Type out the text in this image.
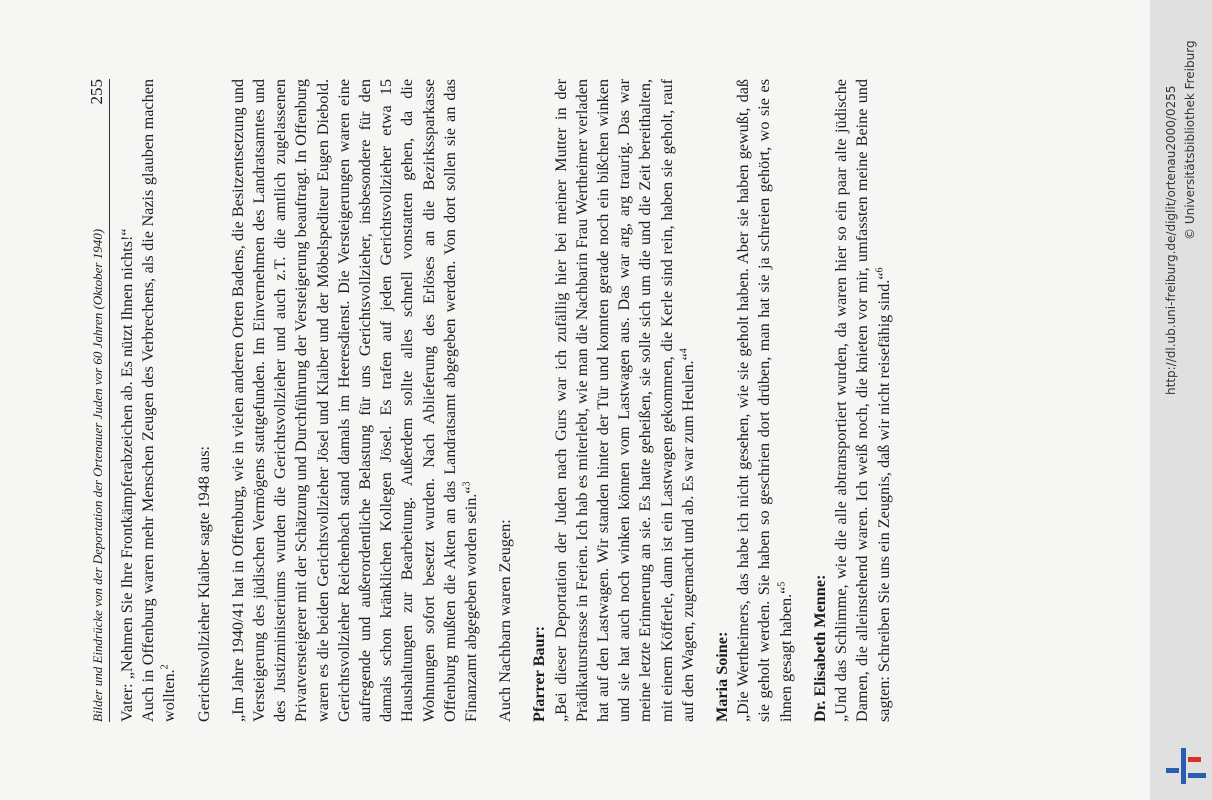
Bilder und Eindrücke von der Deportation der Ortenauer Juden vor 60 Jahren (Oktober 1940)
255

Vater: „Nehmen Sie Ihre Frontkämpferabzeichen ab. Es nützt Ihnen nichts!“ Auch in Offenburg waren mehr Menschen Zeugen des Verbrechens, als die Nazis glauben machen wollten.$^2$	Gerichtsvollzieher Klaiber sagte 1948 aus: „Im Jahre 1940/41 hat in Offenburg, wie in vielen anderen Orten Badens, die Besitzentsetzung und Versteigerung des jüdischen Vermögens stattgefunden. Im Einvernehmen des Landratsamtes und des Justizministeriums wurden die Gerichtsvollzieher und auch z.T. die amtlich zugelassenen Privatversteigerer mit der Schätzung und Durchführung der Versteigerung beauftragt. In Offenburg waren es die beiden Gerichtsvollzieher Jösel und Klaiber und der Möbelspediteur Eugen Diebold. Gerichtsvollzieher Reichenbach stand damals im Heeresdienst. Die Versteigerungen waren eine aufregende und außerordentliche Belastung für uns Gerichtsvollzieher, insbesondere für den damals schon kränklichen Kollegen Jösel. Es trafen auf jeden Gerichtsvollzieher etwa 15 Haushaltungen zur Bearbeitung. Außerdem sollte alles schnell vonstatten gehen, da die Wohnungen sofort besetzt wurden. Nach Ablieferung des Erlöses an die Bezirkssparkasse Offenburg mußten die Akten an das Landratsamt abgegeben werden. Von dort sollen sie an das Finanzamt abgegeben worden sein.“$^3$

Auch Nachbarn waren Zeugen: Pfarrer Baur: „Bei dieser Deportation der Juden nach Gurs war ich zufällig hier bei meiner Mutter in der Prädikaturstrasse in Ferien. Ich hab es miterlebt, wie man die Nachbarin Frau Wertheimer verladen hat auf den Lastwagen. Wir standen hinter der Tür und konnten gerade noch ein bißchen winken und sie hat auch noch winken können vom Lastwagen aus. Das war arg, arg traurig. Das war meine letzte Erinnerung an sie. Es hatte geheißen, sie solle sich um die und die Zeit bereithalten, mit einem Köfferle, dann ist ein Lastwagen gekommen, die Kerle sind rein, haben sie geholt, rauf auf den Wagen, zugemacht und ab. Es war zum Heulen.“$^4$

Maria Soine: „Die Wertheimers, das habe ich nicht gesehen, wie sie geholt haben. Aber sie haben gewußt, daß sie geholt werden. Sie haben so geschrien dort drüben, man hat sie ja schreien gehört, wo sie es ihnen gesagt haben.“$^5$	Dr. Elisabeth Menne: „Und das Schlimme, wie die alle abtransportiert wurden, da waren hier so ein paar alte jüdische Damen, die alleinstehend waren. Ich weiß noch, die knieten vor mir, umfassten meine Beine und sagten: Schreiben Sie uns ein Zeugnis, daß wir nicht reisefähig sind.“$^6$	http://dl.ub.uni-freiburg.de/diglit/ortenau2000/0255 © Universitätsbibliothek Freiburg
